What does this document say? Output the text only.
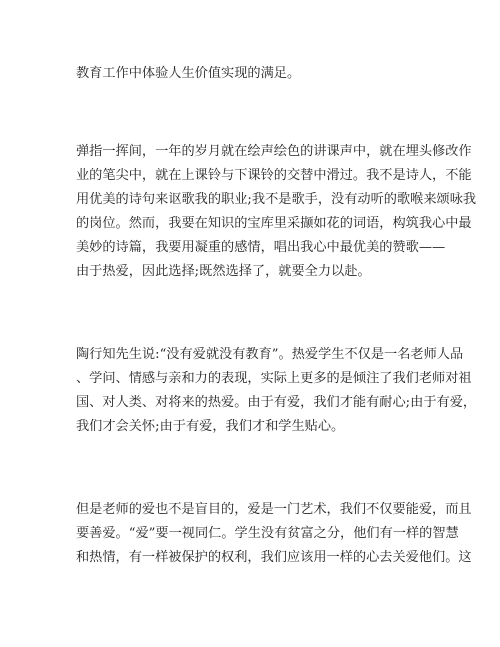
教育工作中体验人生价值实现的满足。
弹指一挥间，一年的岁月就在绘声绘色的讲课声中，就在埋头修改作
业的笔尖中，就在上课铃与下课铃的交替中滑过。我不是诗人，不能
用优美的诗句来讴歌我的职业;我不是歌手，没有动听的歌喉来颂咏我
的岗位。然而，我要在知识的宝库里采撷如花的词语，构筑我心中最
美妙的诗篇，我要用凝重的感情，唱出我心中最优美的赞歌——
由于热爱，因此选择;既然选择了，就要全力以赴。
陶行知先生说:“没有爱就没有教育”。热爱学生不仅是一名老师人品
、学问、情感与亲和力的表现，实际上更多的是倾注了我们老师对祖
国、对人类、对将来的热爱。由于有爱，我们才能有耐心;由于有爱，
我们才会关怀;由于有爱，我们才和学生贴心。
但是老师的爱也不是盲目的，爱是一门艺术，我们不仅要能爱，而且
要善爱。“爱”要一视同仁。学生没有贫富之分，他们有一样的智慧
和热情，有一样被保护的权利，我们应该用一样的心去关爱他们。这
